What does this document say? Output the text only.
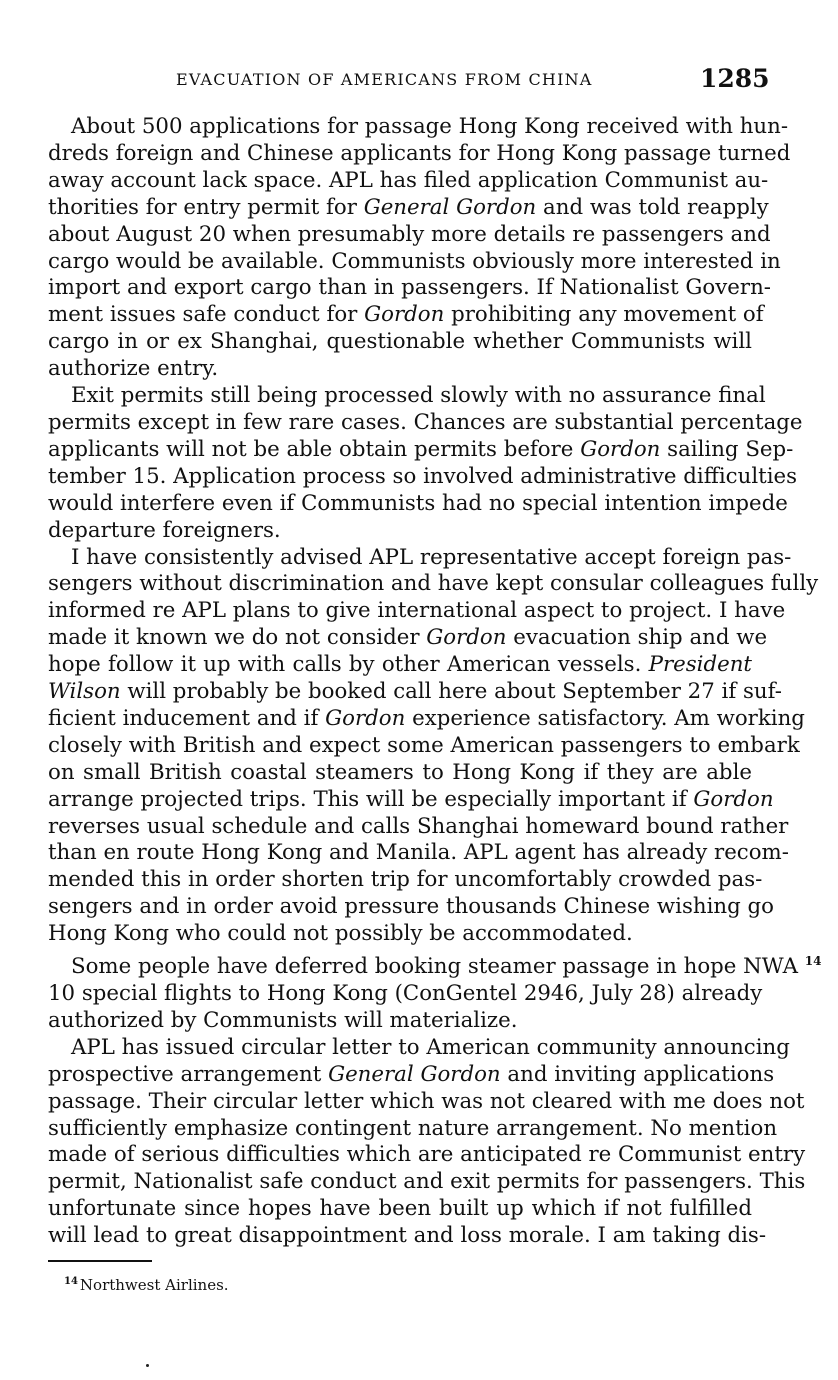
EVACUATION OF AMERICANS FROM CHINA	1285
About 500 applications for passage Hong Kong received with hun-
dreds foreign and Chinese applicants for Hong Kong passage turned
away account lack space. APL has filed application Communist au-
thorities for entry permit for General Gordon and was told reapply
about August 20 when presumably more details re passengers and
cargo would be available. Communists obviously more interested in
import and export cargo than in passengers. If Nationalist Govern-
ment issues safe conduct for Gordon prohibiting any movement of
cargo in or ex Shanghai, questionable whether Communists will
authorize entry.
Exit permits still being processed slowly with no assurance final
permits except in few rare cases. Chances are substantial percentage
applicants will not be able obtain permits before Gordon sailing Sep-
tember 15. Application process so involved administrative difficulties
would interfere even if Communists had no special intention impede
departure foreigners.
I have consistently advised APL representative accept foreign pas-
sengers without discrimination and have kept consular colleagues fully
informed re APL plans to give international aspect to project. I have
made it known we do not consider Gordon evacuation ship and we
hope follow it up with calls by other American vessels. President
Wilson will probably be booked call here about September 27 if suf-
ficient inducement and if Gordon experience satisfactory. Am working
closely with British and expect some American passengers to embark
on small British coastal steamers to Hong Kong if they are able
arrange projected trips. This will be especially important if Gordon
reverses usual schedule and calls Shanghai homeward bound rather
than en route Hong Kong and Manila. APL agent has already recom-
mended this in order shorten trip for uncomfortably crowded pas-
sengers and in order avoid pressure thousands Chinese wishing go
Hong Kong who could not possibly be accommodated.
Some people have deferred booking steamer passage in hope NWA $^{14}$
10 special flights to Hong Kong (ConGentel 2946, July 28) already
authorized by Communists will materialize.
APL has issued circular letter to American community announcing
prospective arrangement General Gordon and inviting applications
passage. Their circular letter which was not cleared with me does not
sufficiently emphasize contingent nature arrangement. No mention
made of serious difficulties which are anticipated re Communist entry
permit, Nationalist safe conduct and exit permits for passengers. This
unfortunate since hopes have been built up which if not fulfilled
will lead to great disappointment and loss morale. I am taking dis-
$^{14}$ Northwest Airlines.
